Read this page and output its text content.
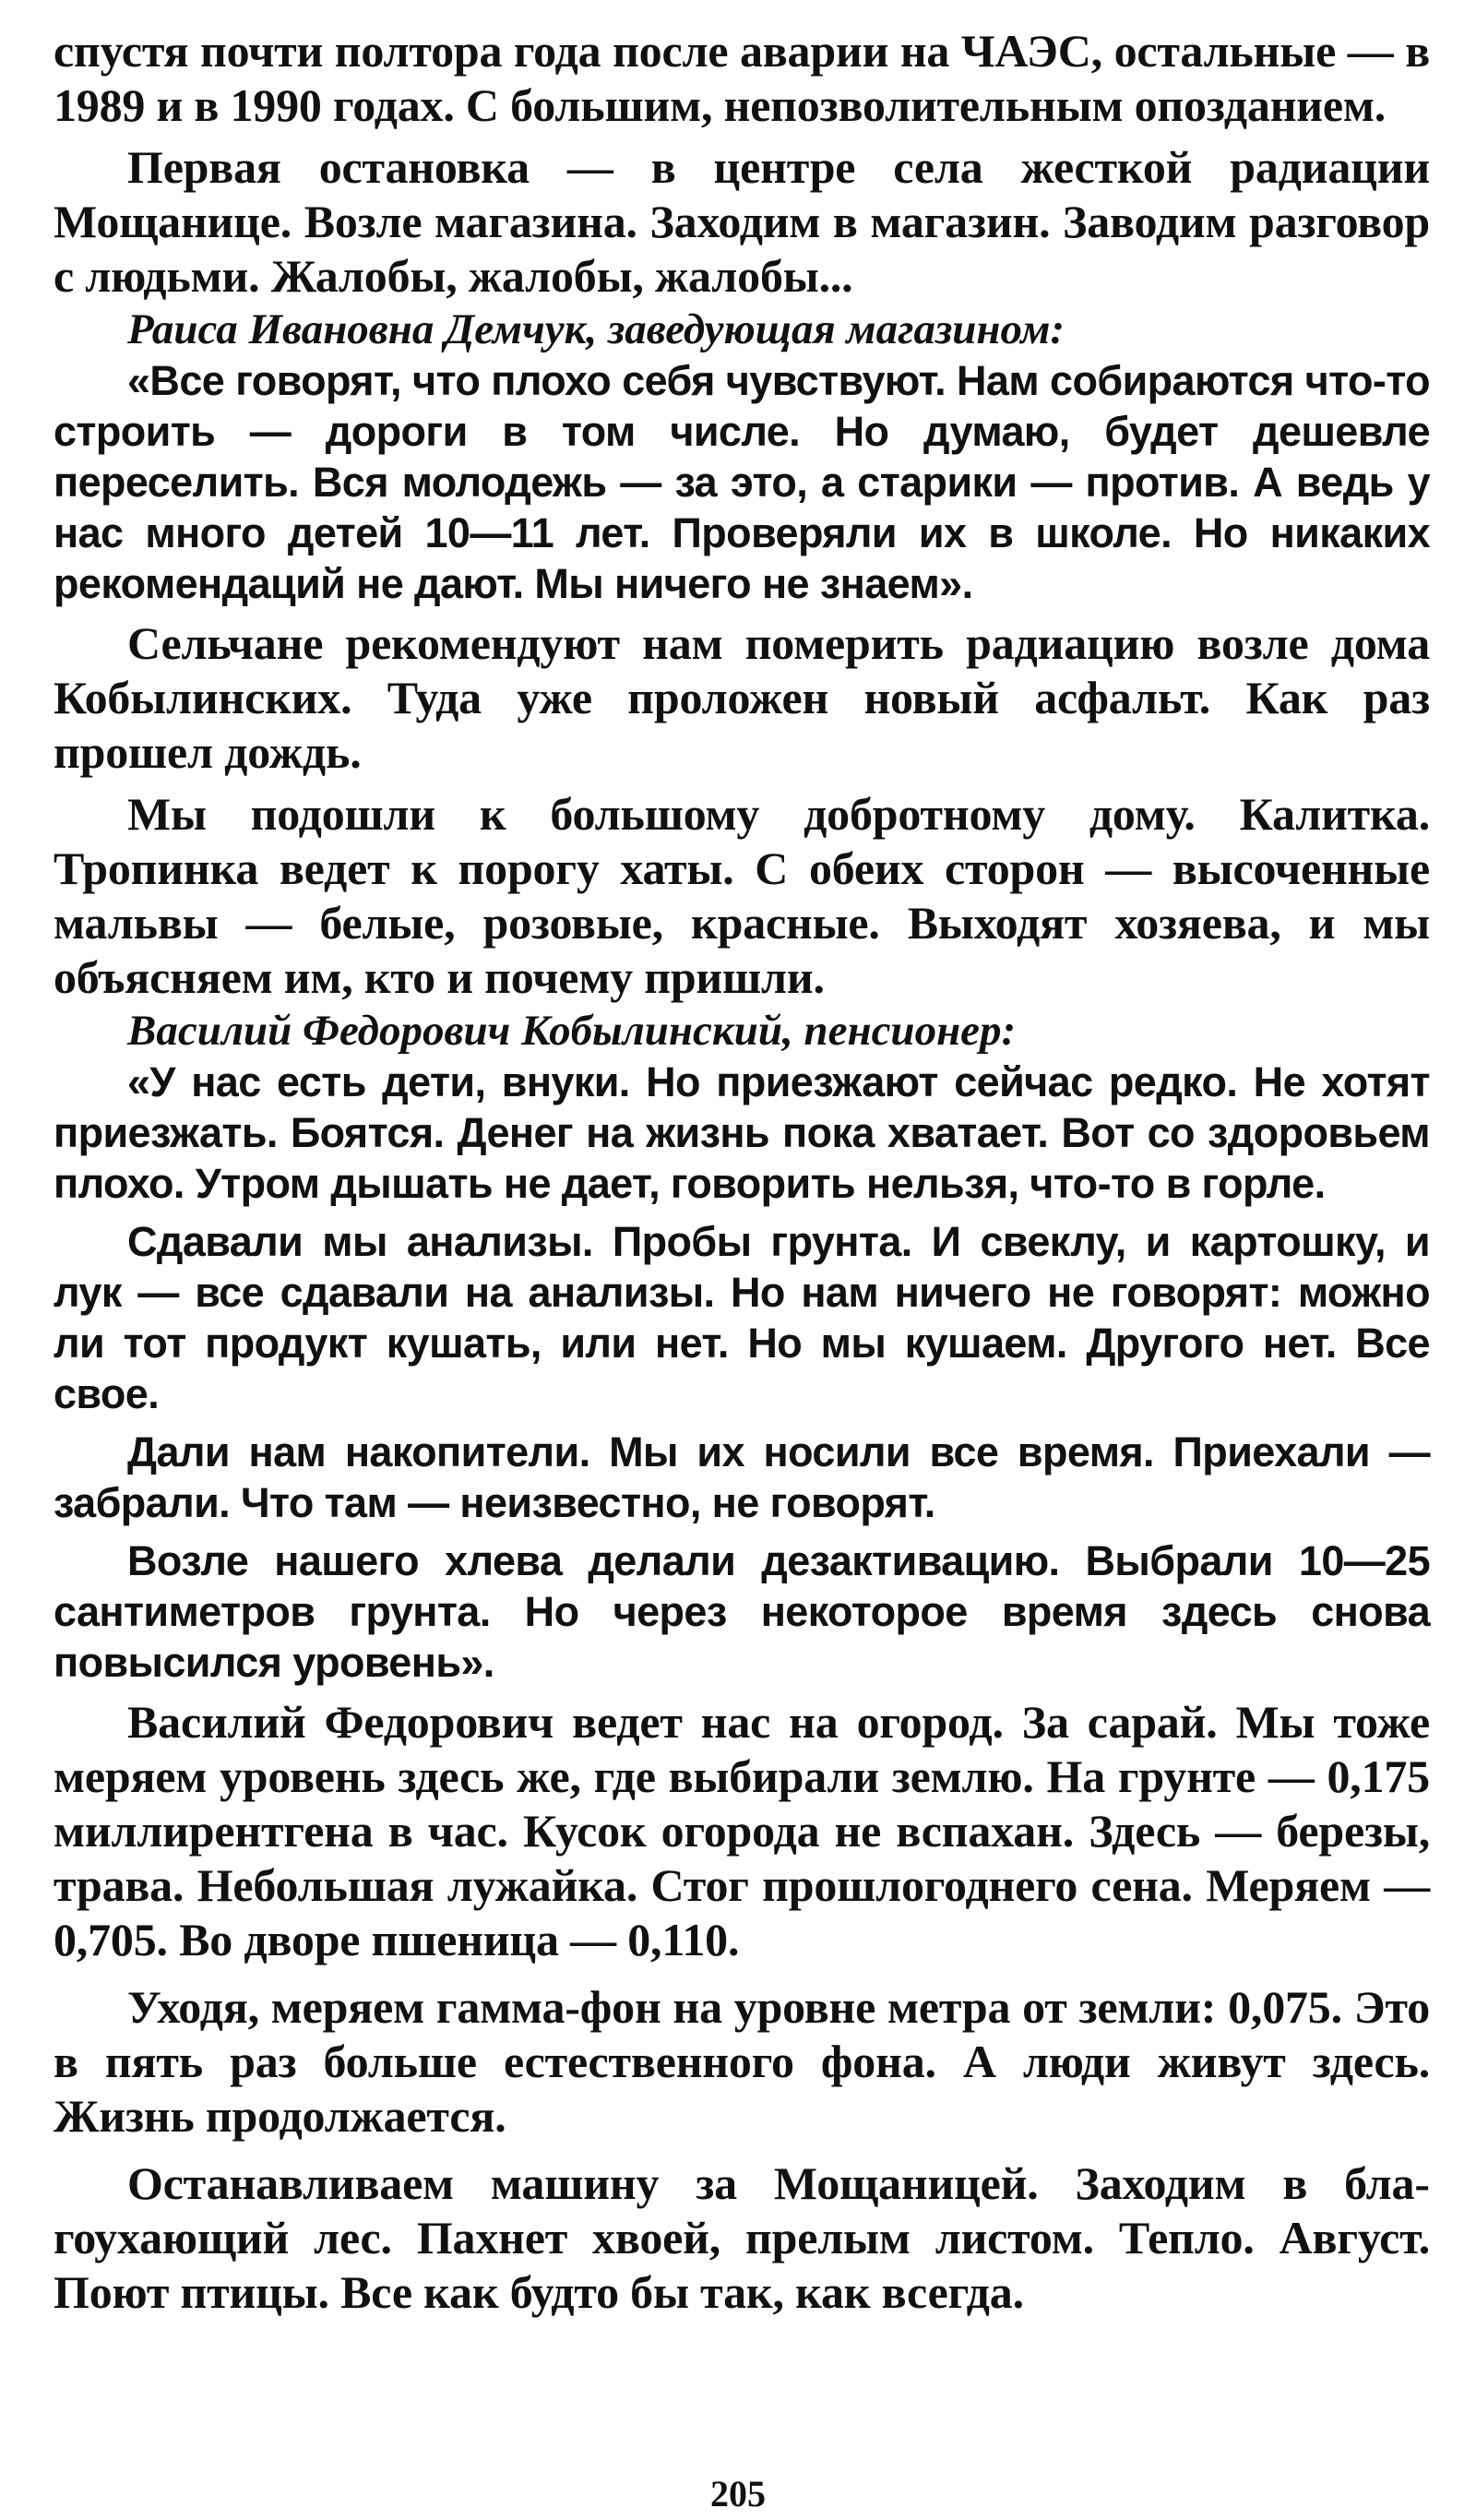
спустя почти полтора года после аварии на ЧАЭС, остальные — в 1989 и в 1990 годах. С большим, непозволительным опозданием.

Первая остановка — в центре села жесткой радиации Мощанице. Возле магазина. Заходим в магазин. Заводим разговор с людьми. Жалобы, жалобы, жалобы...

Раиса Ивановна Демчук, заведующая магазином:

«Все говорят, что плохо себя чувствуют. Нам собираются что-то строить — дороги в том числе. Но думаю, будет дешевле переселить. Вся молодежь — за это, а старики — против. А ведь у нас много детей 10—11 лет. Проверяли их в школе. Но никаких рекомендаций не дают. Мы ничего не знаем».

Сельчане рекомендуют нам померить радиацию возле дома Кобылинских. Туда уже проложен новый асфальт. Как раз прошел дождь.

Мы подошли к большому добротному дому. Калитка. Тропинка ведет к порогу хаты. С обеих сторон — высоченные мальвы — белые, розовые, красные. Выходят хозяева, и мы объясняем им, кто и почему пришли.

Василий Федорович Кобылинский, пенсионер:

«У нас есть дети, внуки. Но приезжают сейчас редко. Не хотят приезжать. Боятся. Денег на жизнь пока хватает. Вот со здоровьем плохо. Утром дышать не дает, говорить нельзя, что-то в горле.

Сдавали мы анализы. Пробы грунта. И свеклу, и картошку, и лук — все сдавали на анализы. Но нам ничего не говорят: можно ли тот продукт кушать, или нет. Но мы кушаем. Другого нет. Все свое.

Дали нам накопители. Мы их носили все время. Приехали — забрали. Что там — неизвестно, не говорят.

Возле нашего хлева делали дезактивацию. Выбрали 10—25 сантиметров грунта. Но через некоторое время здесь снова повысился уровень».

Василий Федорович ведет нас на огород. За сарай. Мы тоже меряем уровень здесь же, где выбирали землю. На грунте — 0,175 миллирентгена в час. Кусок огорода не вспахан. Здесь — березы, трава. Небольшая лужайка. Стог прошлогоднего сена. Меряем — 0,705. Во дворе пшеница — 0,110.

Уходя, меряем гамма-фон на уровне метра от земли: 0,075. Это в пять раз больше естественного фона. А люди живут здесь. Жизнь продолжается.

Останавливаем машину за Мощаницей. Заходим в благоухающий лес. Пахнет хвоей, прелым листом. Тепло. Август. Поют птицы. Все как будто бы так, как всегда.

205
